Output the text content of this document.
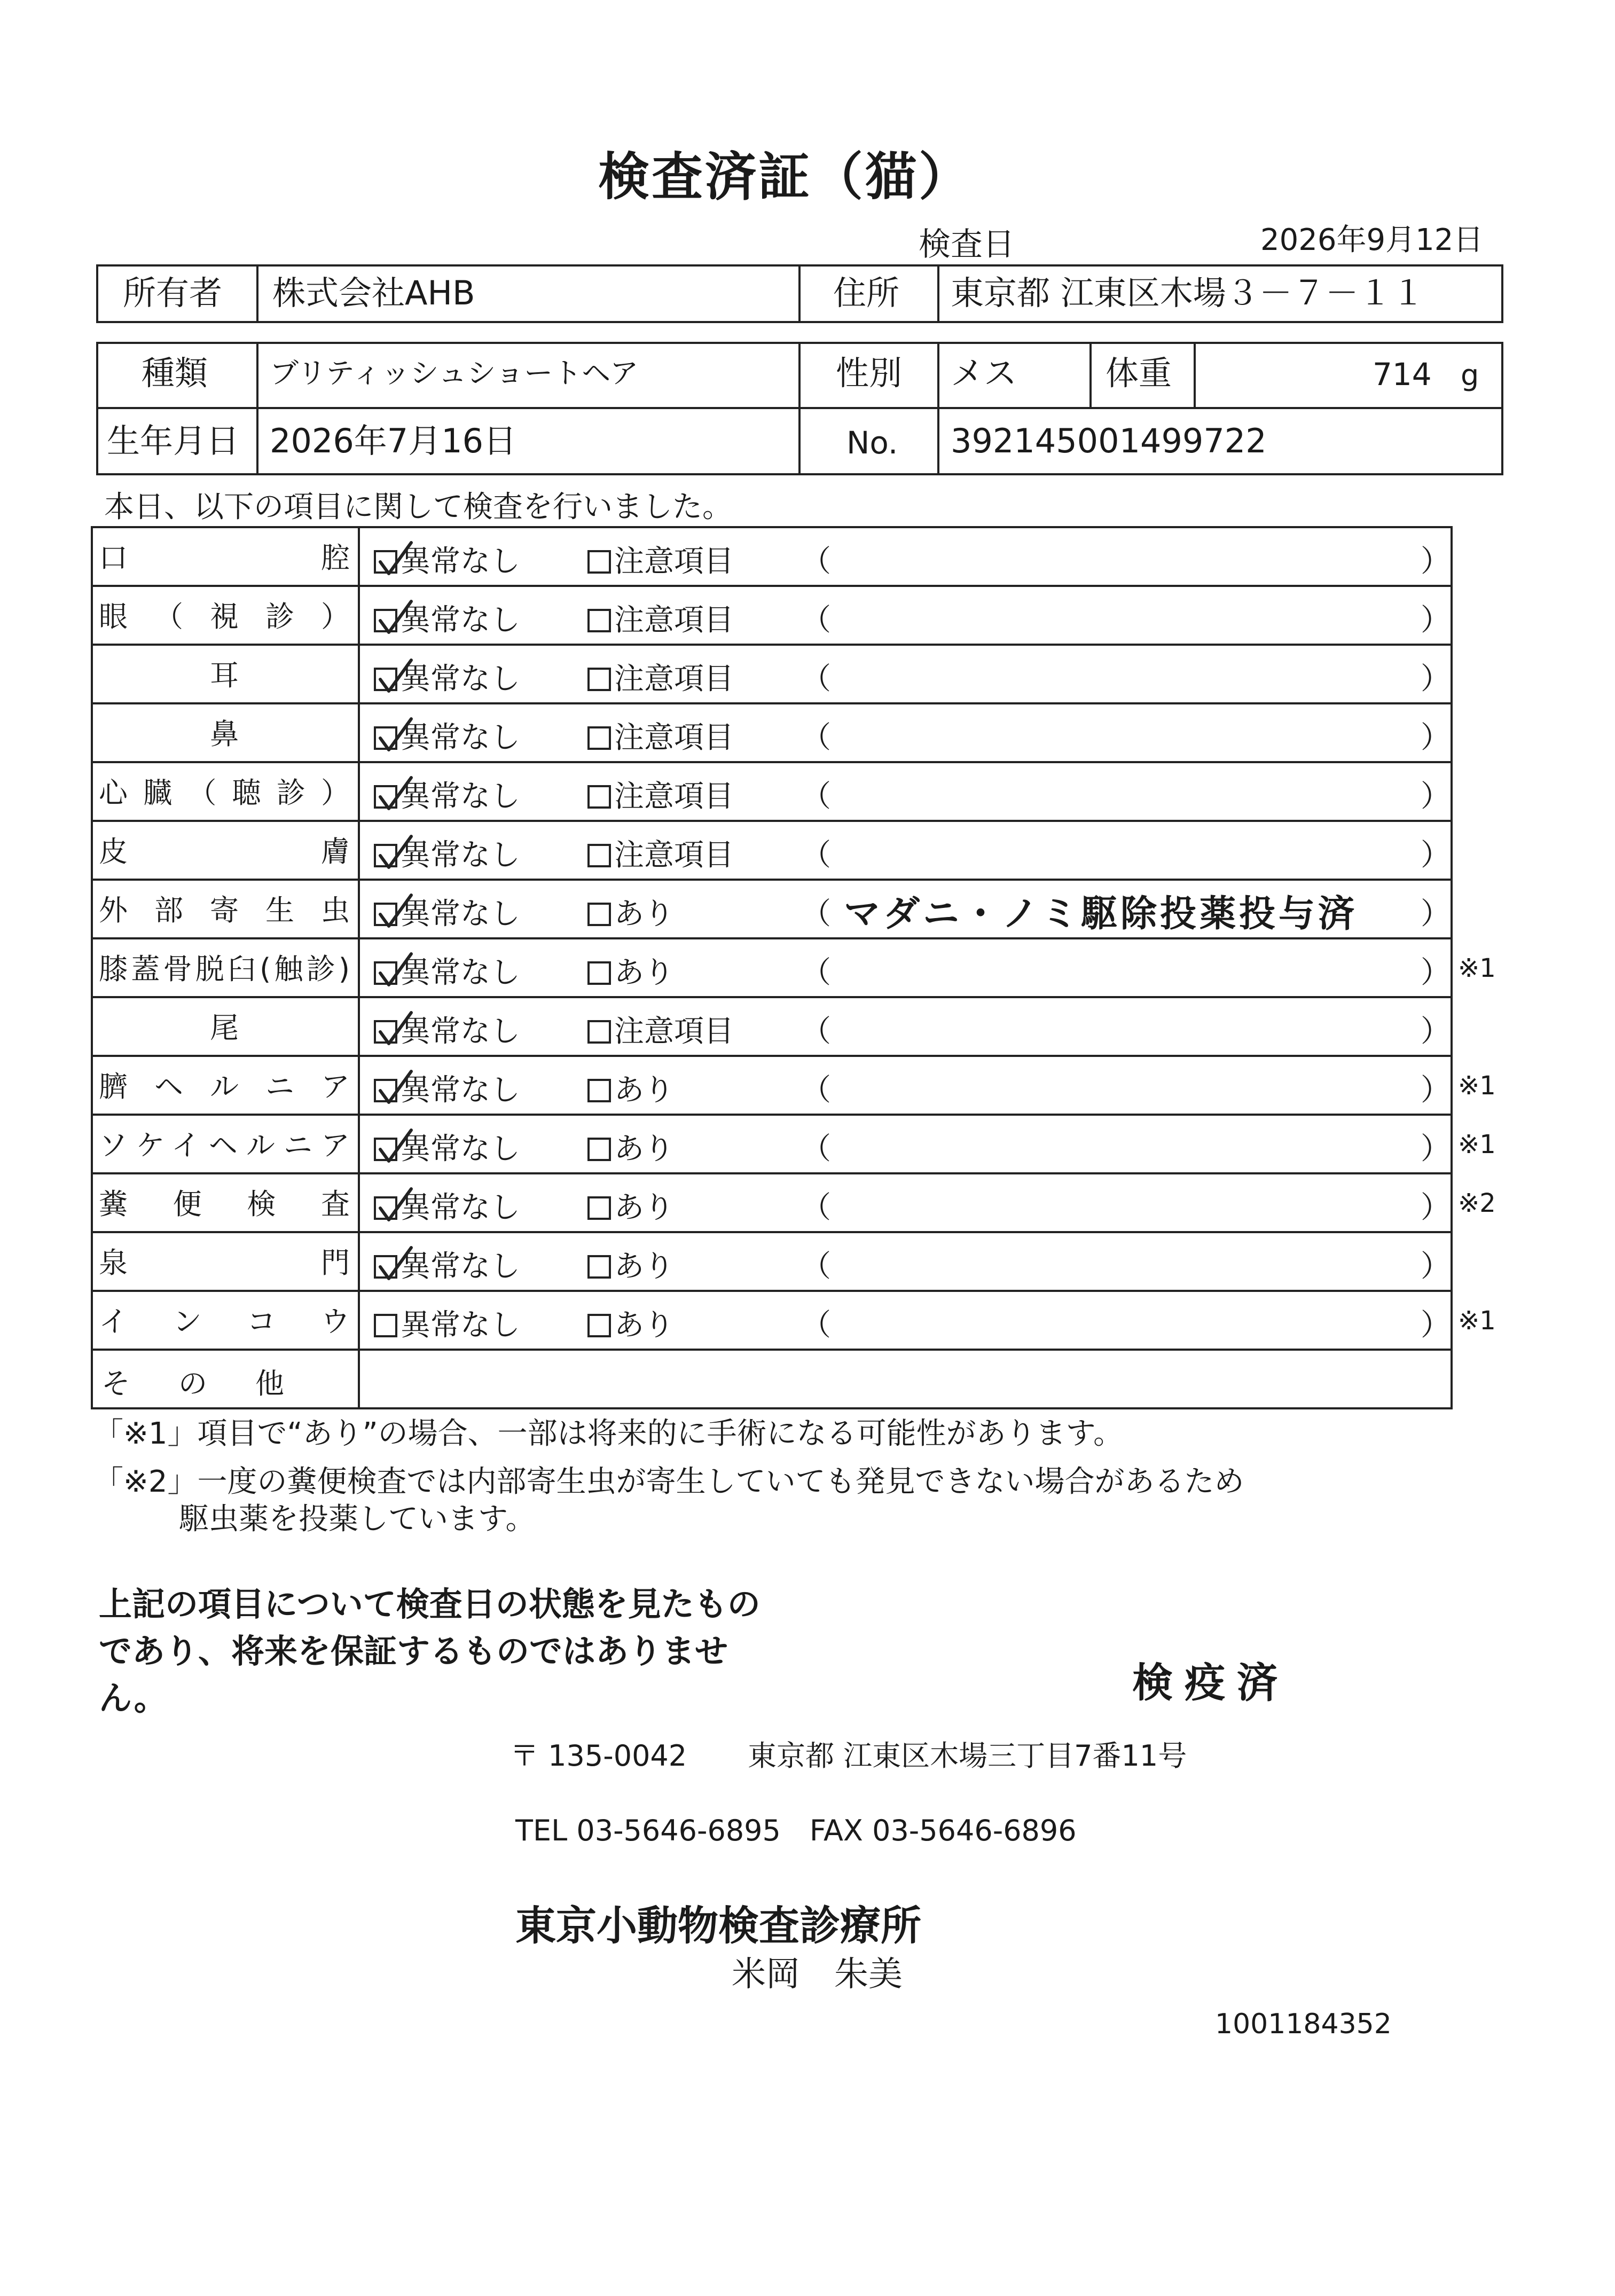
検査済証（猫）
検査日	2026年9月12日
所有者 株式会社AHB	住所 東京都 江東区木場３－７－１１
種類 ブリティッシュショートヘア	性別 メス	体重	714 g
生年月日 2026年7月16日	No. 392145001499722
本日、以下の項目に関して検査を行いました。
口腔	異常なし	注意項目 （	）
眼（視診）	異常なし	注意項目 （	）
耳	異常なし	注意項目 （	）
鼻	異常なし	注意項目 （	）
心臓（聴診）	異常なし	注意項目 （	）
皮膚	異常なし	注意項目 （	）
外部寄生虫	異常なし	あり	（ マダニ・ノミ駆除投薬投与済 ）
膝蓋骨脱臼(触診)	異常なし	あり	（	） ※1
尾	異常なし	注意項目 （	）
臍ヘルニア	異常なし	あり	（	） ※1
ソケイヘルニア	異常なし	あり	（	） ※1
糞便検査	異常なし	あり	（	） ※2
泉門	異常なし	あり	（	）
インコウ	異常なし	あり	（	） ※1
その他
「※1」項目で“あり”の場合、一部は将来的に手術になる可能性があります。
「※2」一度の糞便検査では内部寄生虫が寄生していても発見できない場合があるため
駆虫薬を投薬しています。
上記の項目について検査日の状態を見たものであり、将来を保証するものではありません。	検疫済
〒 135-0042 東京都 江東区木場三丁目7番11号
TEL 03-5646-6895　FAX 03-5646-6896
東京小動物検査診療所
米岡　朱美
1001184352
